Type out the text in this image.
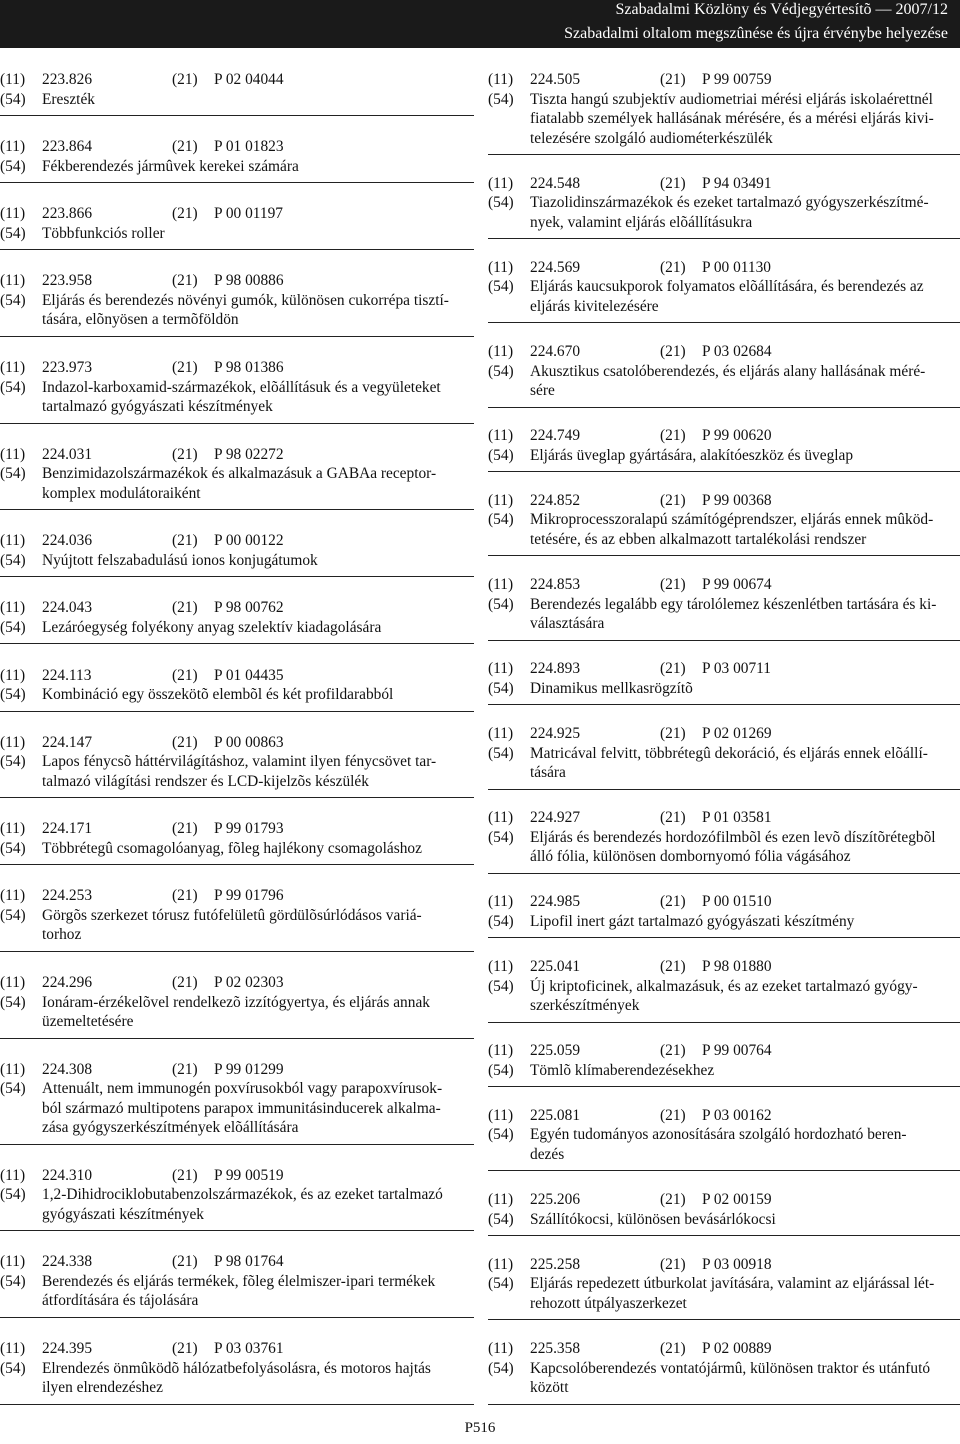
Szabadalmi Közlöny és Védjegyértesítõ — 2007/12
Szabadalmi oltalom megszûnése és újra érvénybe helyezése
(11)	223.826	(21)	P 02 04044
(54)	Ereszték
(11)	223.864	(21)	P 01 01823
(54)	Fékberendezés jármûvek kerekei számára
(11)	223.866	(21)	P 00 01197
(54)	Többfunkciós roller
(11)	223.958	(21)	P 98 00886
(54)	Eljárás és berendezés növényi gumók, különösen cukorrépa tisztí-
tására, elõnyösen a termõföldön
(11)	223.973	(21)	P 98 01386
(54)	Indazol-karboxamid-származékok, elõállításuk és a vegyületeket
tartalmazó gyógyászati készítmények
(11)	224.031	(21)	P 98 02272
(54)	Benzimidazolszármazékok és alkalmazásuk a GABAa receptor-
komplex modulátoraiként
(11)	224.036	(21)	P 00 00122
(54)	Nyújtott felszabadulású ionos konjugátumok
(11)	224.043	(21)	P 98 00762
(54)	Lezáróegység folyékony anyag szelektív kiadagolására
(11)	224.113	(21)	P 01 04435
(54)	Kombináció egy összekötõ elembõl és két profildarabból
(11)	224.147	(21)	P 00 00863
(54)	Lapos fénycsõ háttérvilágításhoz, valamint ilyen fénycsövet tar-
talmazó világítási rendszer és LCD-kijelzõs készülék
(11)	224.171	(21)	P 99 01793
(54)	Többrétegû csomagolóanyag, fõleg hajlékony csomagoláshoz
(11)	224.253	(21)	P 99 01796
(54)	Görgõs szerkezet tórusz futófelületû gördülõsúrlódásos variá-
torhoz
(11)	224.296	(21)	P 02 02303
(54)	Ionáram-érzékelõvel rendelkezõ izzítógyertya, és eljárás annak
üzemeltetésére
(11)	224.308	(21)	P 99 01299
(54)	Attenuált, nem immunogén poxvírusokból vagy parapoxvírusok-
ból származó multipotens parapox immunitásinducerek alkalma-
zása gyógyszerkészítmények elõállítására
(11)	224.310	(21)	P 99 00519
(54)	1,2-Dihidrociklobutabenzolszármazékok, és az ezeket tartalmazó
gyógyászati készítmények
(11)	224.338	(21)	P 98 01764
(54)	Berendezés és eljárás termékek, fõleg élelmiszer-ipari termékek
átfordítására és tájolására
(11)	224.395	(21)	P 03 03761
(54)	Elrendezés önmûködõ hálózatbefolyásolásra, és motoros hajtás
ilyen elrendezéshez
(11)	224.505	(21)	P 99 00759
(54)	Tiszta hangú szubjektív audiometriai mérési eljárás iskolaérettnél
fiatalabb személyek hallásának mérésére, és a mérési eljárás kivi-
telezésére szolgáló audiométerkészülék
(11)	224.548	(21)	P 94 03491
(54)	Tiazolidinszármazékok és ezeket tartalmazó gyógyszerkészítmé-
nyek, valamint eljárás elõállításukra
(11)	224.569	(21)	P 00 01130
(54)	Eljárás kaucsukporok folyamatos elõállítására, és berendezés az
eljárás kivitelezésére
(11)	224.670	(21)	P 03 02684
(54)	Akusztikus csatolóberendezés, és eljárás alany hallásának méré-
sére
(11)	224.749	(21)	P 99 00620
(54)	Eljárás üveglap gyártására, alakítóeszköz és üveglap
(11)	224.852	(21)	P 99 00368
(54)	Mikroprocesszoralapú számítógéprendszer, eljárás ennek mûköd-
tetésére, és az ebben alkalmazott tartalékolási rendszer
(11)	224.853	(21)	P 99 00674
(54)	Berendezés legalább egy tárolólemez készenlétben tartására és ki-
választására
(11)	224.893	(21)	P 03 00711
(54)	Dinamikus mellkasrögzítõ
(11)	224.925	(21)	P 02 01269
(54)	Matricával felvitt, többrétegû dekoráció, és eljárás ennek elõállí-
tására
(11)	224.927	(21)	P 01 03581
(54)	Eljárás és berendezés hordozófilmbõl és ezen levõ díszítõrétegbõl
álló fólia, különösen dombornyomó fólia vágásához
(11)	224.985	(21)	P 00 01510
(54)	Lipofil inert gázt tartalmazó gyógyászati készítmény
(11)	225.041	(21)	P 98 01880
(54)	Új kriptoficinek, alkalmazásuk, és az ezeket tartalmazó gyógy-
szerkészítmények
(11)	225.059	(21)	P 99 00764
(54)	Tömlõ klímaberendezésekhez
(11)	225.081	(21)	P 03 00162
(54)	Egyén tudományos azonosítására szolgáló hordozható beren-
dezés
(11)	225.206	(21)	P 02 00159
(54)	Szállítókocsi, különösen bevásárlókocsi
(11)	225.258	(21)	P 03 00918
(54)	Eljárás repedezett útburkolat javítására, valamint az eljárással lét-
rehozott útpályaszerkezet
(11)	225.358	(21)	P 02 00889
(54)	Kapcsolóberendezés vontatójármû, különösen traktor és utánfutó
között
P516
